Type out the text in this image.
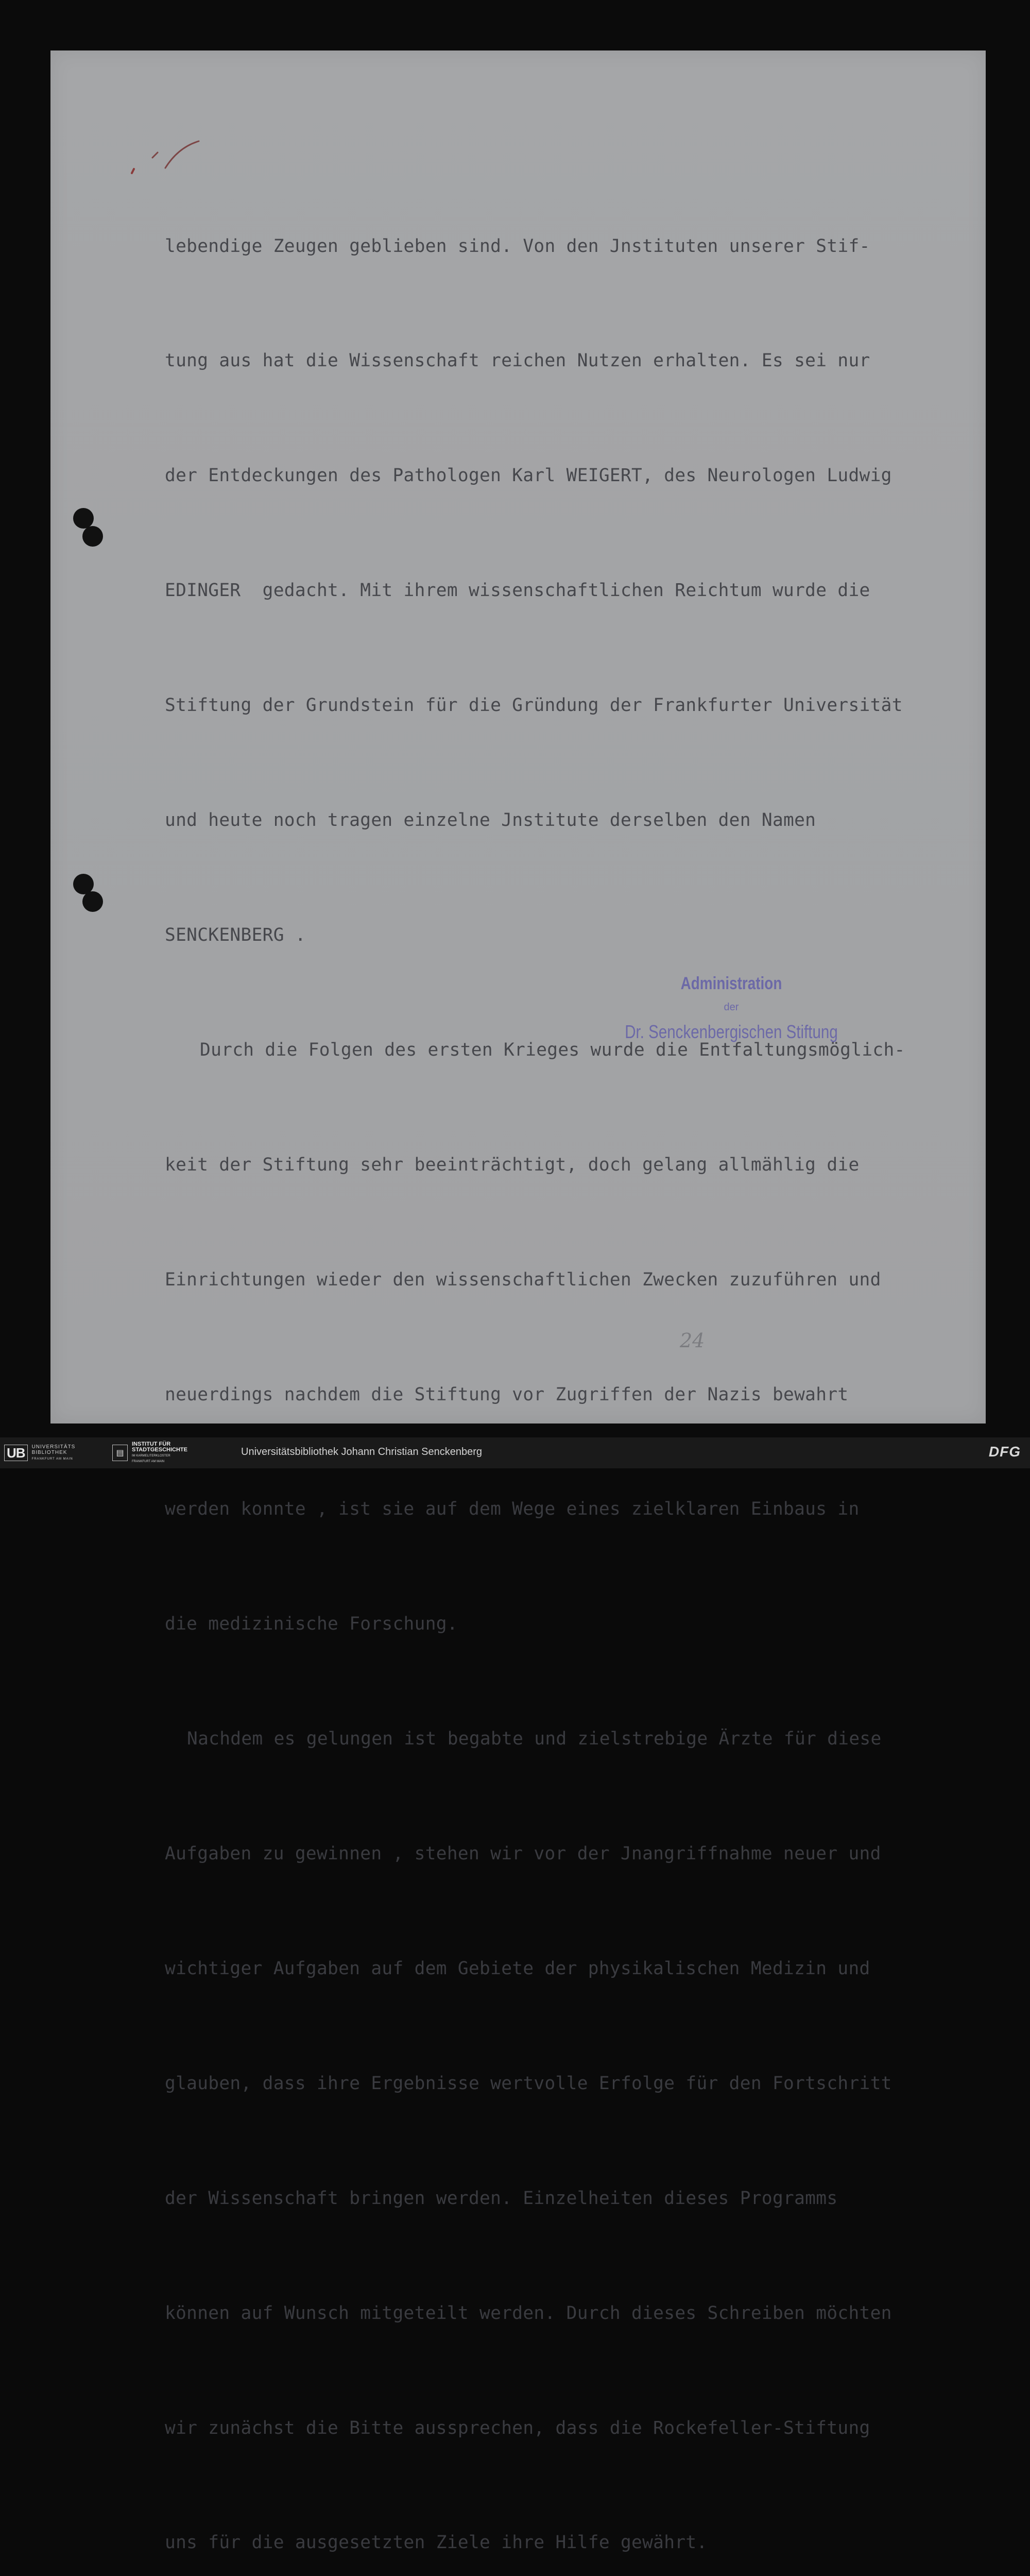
lebendige Zeugen geblieben sind. Von den Jnstituten unserer Stif-

tung aus hat die Wissenschaft reichen Nutzen erhalten. Es sei nur

der Entdeckungen des Pathologen Karl WEIGERT, des Neurologen Ludwig

EDINGER  gedacht. Mit ihrem wissenschaftlichen Reichtum wurde die

Stiftung der Grundstein für die Gründung der Frankfurter Universität

und heute noch tragen einzelne Jnstitute derselben den Namen

SENCKENBERG .

Durch die Folgen des ersten Krieges wurde die Entfaltungsmöglich-

keit der Stiftung sehr beeinträchtigt, doch gelang allmählig die

Einrichtungen wieder den wissenschaftlichen Zwecken zuzuführen und

neuerdings nachdem die Stiftung vor Zugriffen der Nazis bewahrt

werden konnte , ist sie auf dem Wege eines zielklaren Einbaus in

die medizinische Forschung.

Nachdem es gelungen ist begabte und zielstrebige Ärzte für diese

Aufgaben zu gewinnen , stehen wir vor der Jnangriffnahme neuer und

wichtiger Aufgaben auf dem Gebiete der physikalischen Medizin und

glauben, dass ihre Ergebnisse wertvolle Erfolge für den Fortschritt

der Wissenschaft bringen werden. Einzelheiten dieses Programms

können auf Wunsch mitgeteilt werden. Durch dieses Schreiben möchten

wir zunächst die Bitte aussprechen, dass die Rockefeller-Stiftung

uns für die ausgesetzten Ziele ihre Hilfe gewährt.

Administration
der
Dr. Senckenbergischen Stiftung
24
UB	UNIVERSITÄTS
BIBLIOTHEK
FRANKFURT AM MAIN
▤
INSTITUT FÜR
STADTGESCHICHTE
IM KARMELITERKLOSTER
FRANKFURT AM MAIN
Universitätsbibliothek Johann Christian Senckenberg	DFG
